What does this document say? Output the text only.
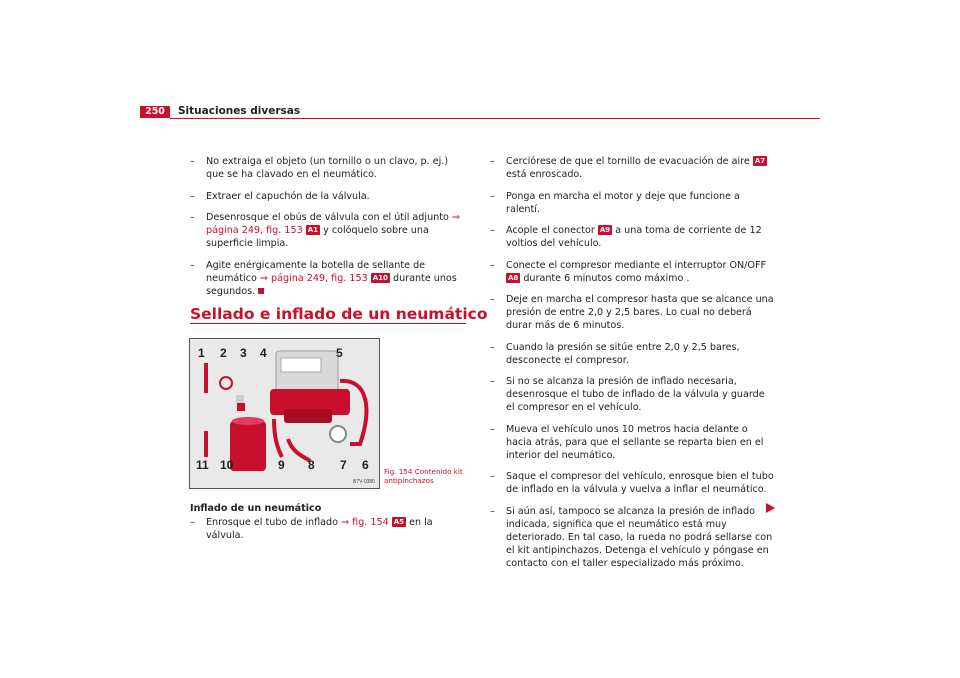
250	Situaciones diversas
– No extraiga el objeto (un tornillo o un clavo, p. ej.) que se ha clavado en el neumático.
– Extraer el capuchón de la válvula.
– Desenrosque el obús de válvula con el útil adjunto ⇒ página 249, fig. 153 A1 y colóquelo sobre una superficie limpia.
– Agite enérgicamente la botella de sellante de neumático ⇒ página 249, fig. 153 A10 durante unos segundos.
Sellado e inflado de un neumático
1 2 3 4	5
11 10	9 8 7 6
B7V-0380
Fig. 154 Contenido kit antipinchazos
Inflado de un neumático
– Enrosque el tubo de inflado ⇒ fig. 154 A5 en la válvula.
– Cerciórese de que el tornillo de evacuación de aire A7 está enroscado.
– Ponga en marcha el motor y deje que funcione a ralentí.
– Acople el conector A9 a una toma de corriente de 12 voltios del vehículo.
– Conecte el compresor mediante el interruptor ON/OFF A8 durante 6 minutos como máximo .
– Deje en marcha el compresor hasta que se alcance una presión de entre 2,0 y 2,5 bares. Lo cual no deberá durar más de 6 minutos.
– Cuando la presión se sitúe entre 2,0 y 2,5 bares, desconecte el compresor.
– Si no se alcanza la presión de inflado necesaria, desenrosque el tubo de inflado de la válvula y guarde el compresor en el vehículo.
– Mueva el vehículo unos 10 metros hacia delante o hacia atrás, para que el sellante se reparta bien en el interior del neumático.
– Saque el compresor del vehículo, enrosque bien el tubo de inflado en la válvula y vuelva a inflar el neumático.
– Si aún así, tampoco se alcanza la presión de inflado indicada, significa que el neumático está muy deteriorado. En tal caso, la rueda no podrá sellarse con el kit antipinchazos. Detenga el vehículo y póngase en contacto con el taller especializado más próximo.
